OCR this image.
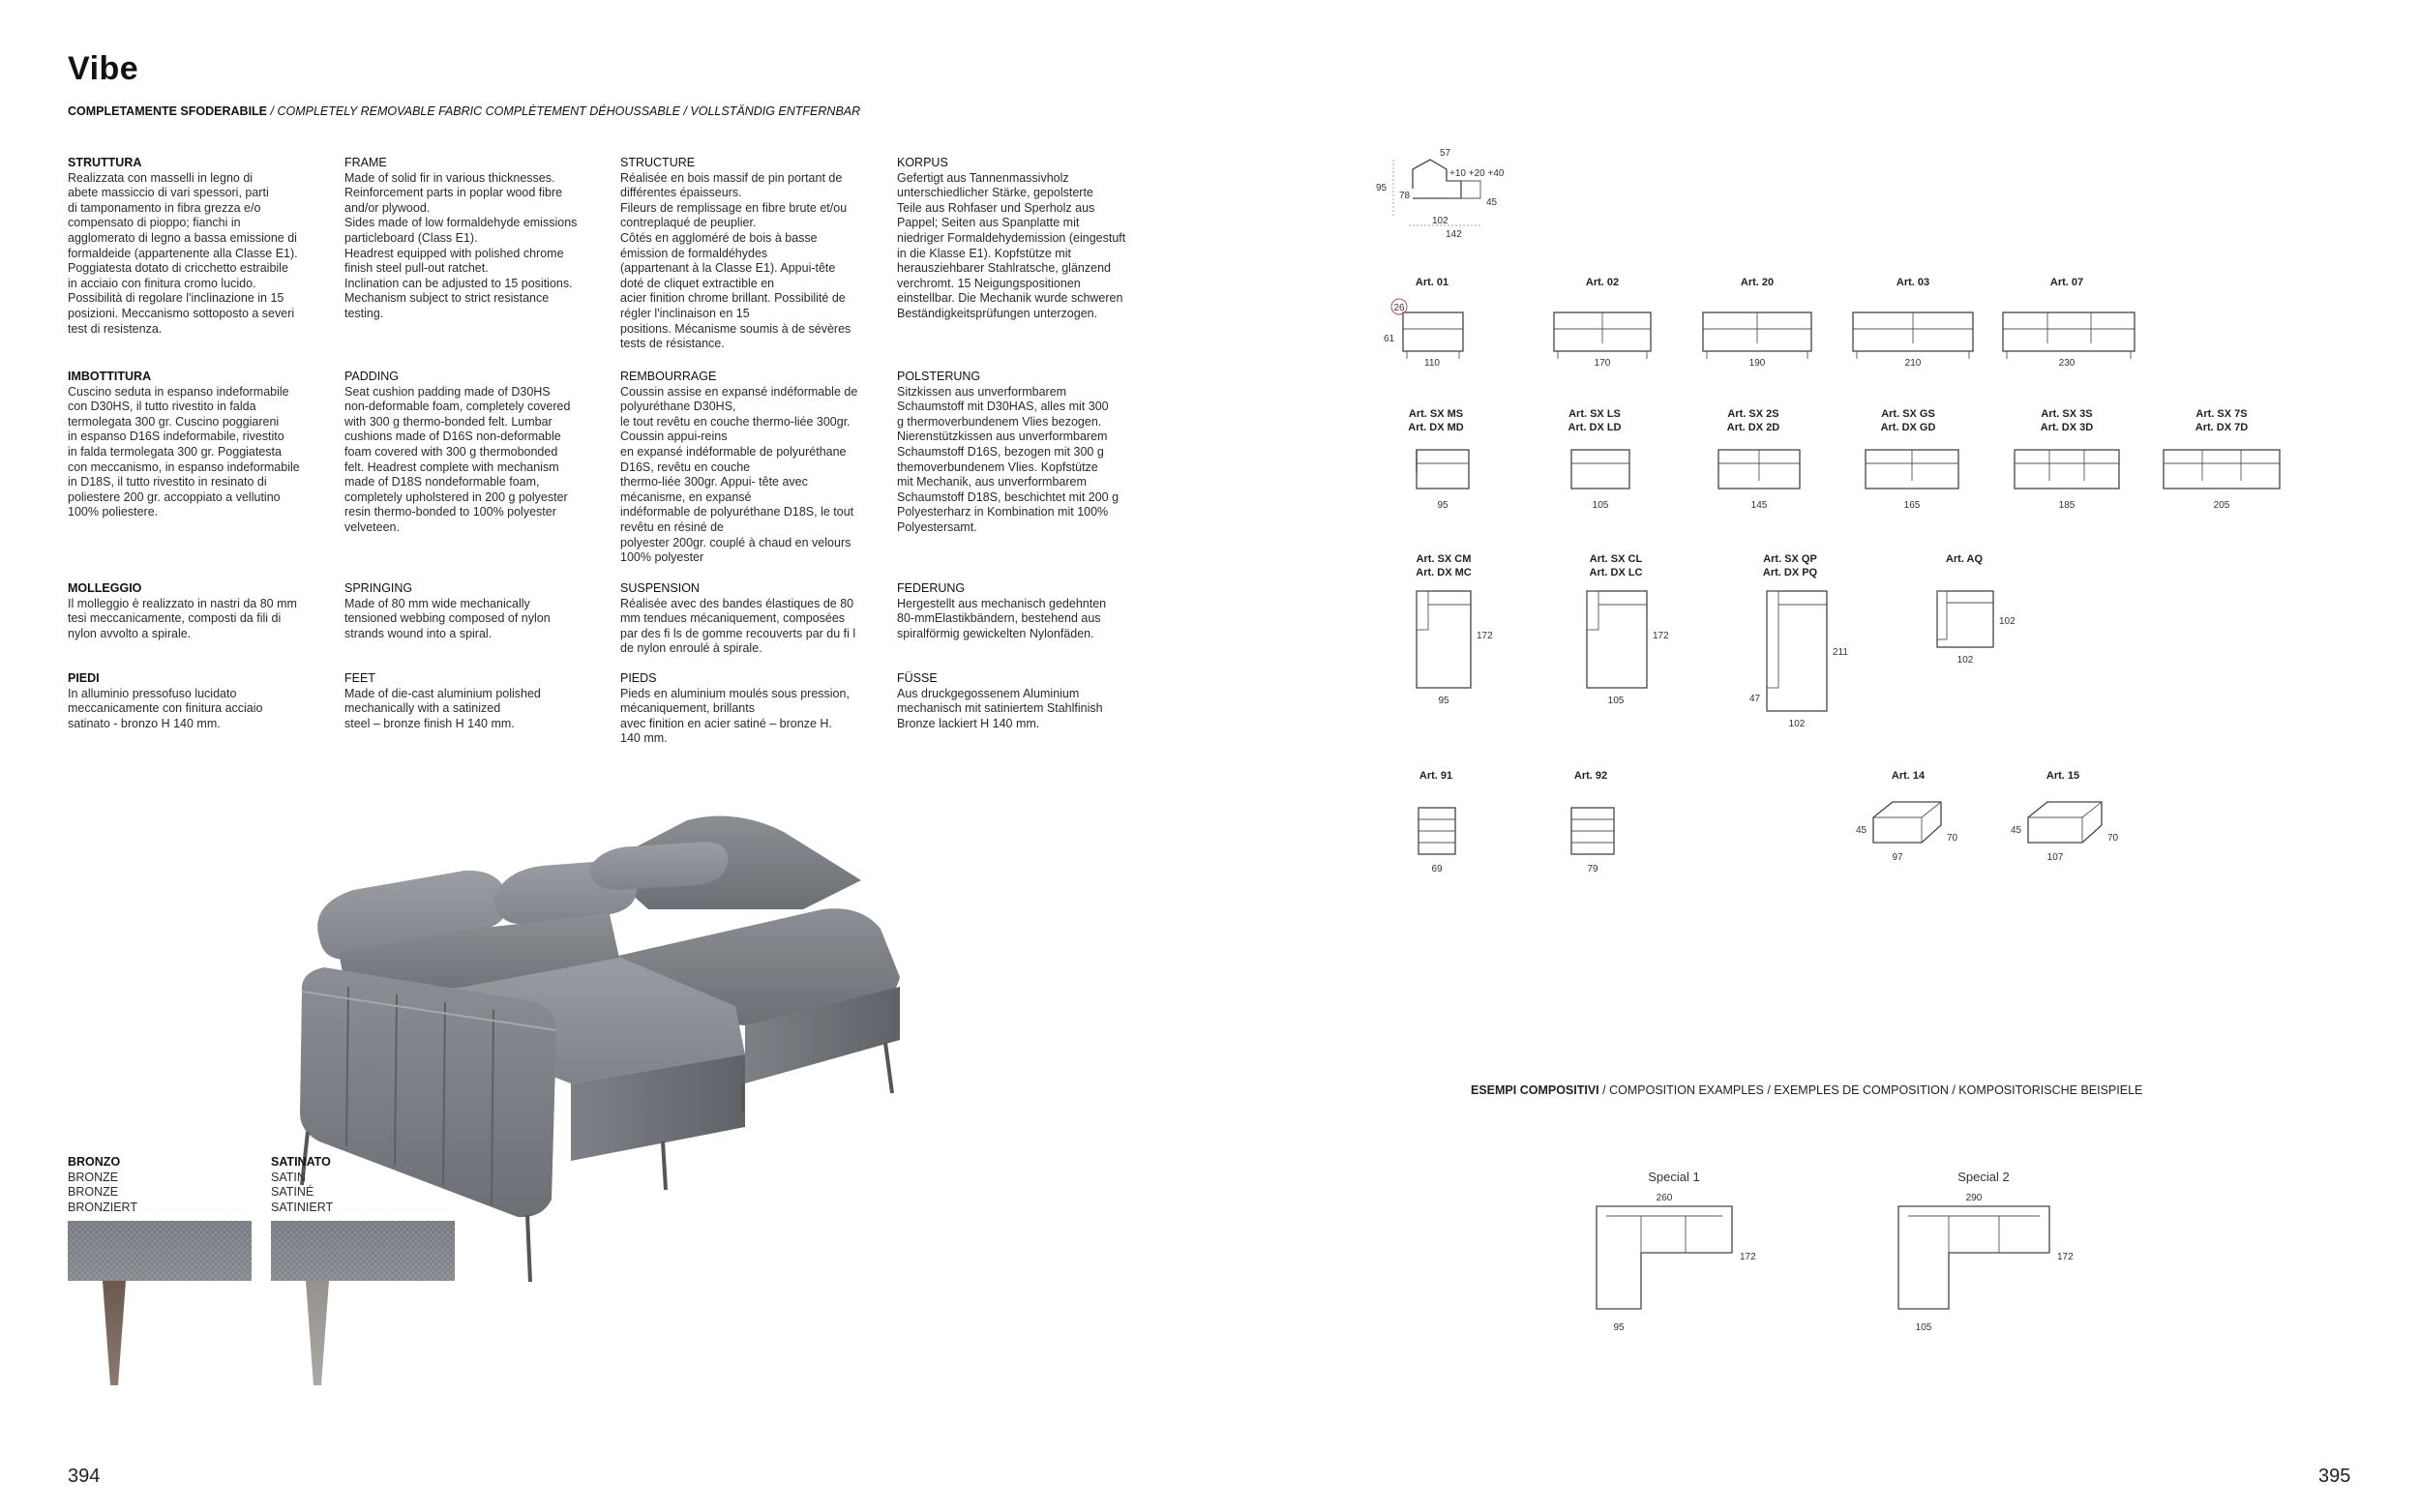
Vibe
COMPLETAMENTE SFODERABILE / COMPLETELY REMOVABLE FABRIC COMPLÈTEMENT DÉHOUSSABLE / VOLLSTÄNDIG ENTFERNBAR
STRUTTURA
Realizzata con masselli in legno di
abete massiccio di vari spessori, parti
di tamponamento in fibra grezza e/o
compensato di pioppo; fianchi in
agglomerato di legno a bassa emissione di
formaldeide (appartenente alla Classe E1).
Poggiatesta dotato di cricchetto estraibile
in acciaio con finitura cromo lucido.
Possibilità di regolare l'inclinazione in 15
posizioni. Meccanismo sottoposto a severi
test di resistenza.
FRAME
Made of solid fir in various thicknesses.
Reinforcement parts in poplar wood fibre
and/or plywood.
Sides made of low formaldehyde emissions
particleboard (Class E1).
Headrest equipped with polished chrome
finish steel pull-out ratchet.
Inclination can be adjusted to 15 positions.
Mechanism subject to strict resistance
testing.
STRUCTURE
Réalisée en bois massif de pin portant de
différentes épaisseurs.
Fileurs de remplissage en fibre brute et/ou
contreplaqué de peuplier.
Côtés en aggloméré de bois à basse
émission de formaldéhydes
(appartenant à la Classe E1). Appui-tête
doté de cliquet extractible en
acier finition chrome brillant. Possibilité de
régler l'inclinaison en 15
positions. Mécanisme soumis à de sévères
tests de résistance.
KORPUS
Gefertigt aus Tannenmassivholz
unterschiedlicher Stärke, gepolsterte
Teile aus Rohfaser und Sperholz aus
Pappel; Seiten aus Spanplatte mit
niedriger Formaldehydemission (eingestuft
in die Klasse E1). Kopfstütze mit
herausziehbarer Stahlratsche, glänzend
verchromt. 15 Neigungspositionen
einstellbar. Die Mechanik wurde schweren
Beständigkeitsprüfungen unterzogen.
IMBOTTITURA
Cuscino seduta in espanso indeformabile
con D30HS, il tutto rivestito in falda
termolegata 300 gr. Cuscino poggiareni
in espanso D16S indeformabile, rivestito
in falda termolegata 300 gr. Poggiatesta
con meccanismo, in espanso indeformabile
in D18S, il tutto rivestito in resinato di
poliestere 200 gr. accoppiato a vellutino
100% poliestere.
PADDING
Seat cushion padding made of D30HS
non-deformable foam, completely covered
with 300 g thermo-bonded felt. Lumbar
cushions made of D16S non-deformable
foam covered with 300 g thermobonded
felt. Headrest complete with mechanism
made of D18S nondeformable foam,
completely upholstered in 200 g polyester
resin thermo-bonded to 100% polyester
velveteen.
REMBOURRAGE
Coussin assise en expansé indéformable de
polyuréthane D30HS,
le tout revêtu en couche thermo-liée 300gr.
Coussin appui-reins
en expansé indéformable de polyuréthane
D16S, revêtu en couche
thermo-liée 300gr. Appui- tête avec
mécanisme, en expansé
indéformable de polyuréthane D18S, le tout
revêtu en résiné de
polyester 200gr. couplé à chaud en velours
100% polyester
POLSTERUNG
Sitzkissen aus unverformbarem
Schaumstoff mit D30HAS, alles mit 300
g thermoverbundenem Vlies bezogen.
Nierenstützkissen aus unverformbarem
Schaumstoff D16S, bezogen mit 300 g
themoverbundenem Vlies. Kopfstütze
mit Mechanik, aus unverformbarem
Schaumstoff D18S, beschichtet mit 200 g
Polyesterharz in Kombination mit 100%
Polyestersamt.
MOLLEGGIO
Il molleggio è realizzato in nastri da 80 mm
tesi meccanicamente, composti da fili di
nylon avvolto a spirale.
SPRINGING
Made of 80 mm wide mechanically
tensioned webbing composed of nylon
strands wound into a spiral.
SUSPENSION
Réalisée avec des bandes élastiques de 80
mm tendues mécaniquement, composées
par des fi ls de gomme recouverts par du fi l
de nylon enroulé à spirale.
FEDERUNG
Hergestellt aus mechanisch gedehnten
80-mmElastikbändern, bestehend aus
spiralförmig gewickelten Nylonfäden.
PIEDI
In alluminio pressofuso lucidato
meccanicamente con finitura acciaio
satinato - bronzo H 140 mm.
FEET
Made of die-cast aluminium polished
mechanically with a satinized
steel – bronze finish H 140 mm.
PIEDS
Pieds en aluminium moulés sous pression,
mécaniquement, brillants
avec finition en acier satiné – bronze H.
140 mm.
FÜSSE
Aus druckgegossenem Aluminium
mechanisch mit satiniertem Stahlfinish
Bronze lackiert H 140 mm.
BRONZO
BRONZE
BRONZE
BRONZIERT
SATINATO
SATIN
SATINÉ
SATINIERT
394	395
57
+10 +20 +40
95
78
45
102
142
Art. 01
26
61
110
Art. 02
170
Art. 20
190
Art. 03
210
Art. 07
230
Art. SX MS
Art. DX MD
95
Art. SX LS
Art. DX LD
105
Art. SX 2S
Art. DX 2D
145
Art. SX GS
Art. DX GD
165
Art. SX 3S
Art. DX 3D
185
Art. SX 7S
Art. DX 7D
205
Art. SX CM
Art. DX MC
172
95
Art. SX CL
Art. DX LC
172
105
Art. SX QP
Art. DX PQ
211
47
102
Art. AQ
102
102
Art. 91
69
Art. 92
79
Art. 14
45
70
97
Art. 15
45
70
107
Special 1
260
172
95
Special 2
290
172
105
ESEMPI COMPOSITIVI / COMPOSITION EXAMPLES / EXEMPLES DE COMPOSITION / KOMPOSITORISCHE BEISPIELE
